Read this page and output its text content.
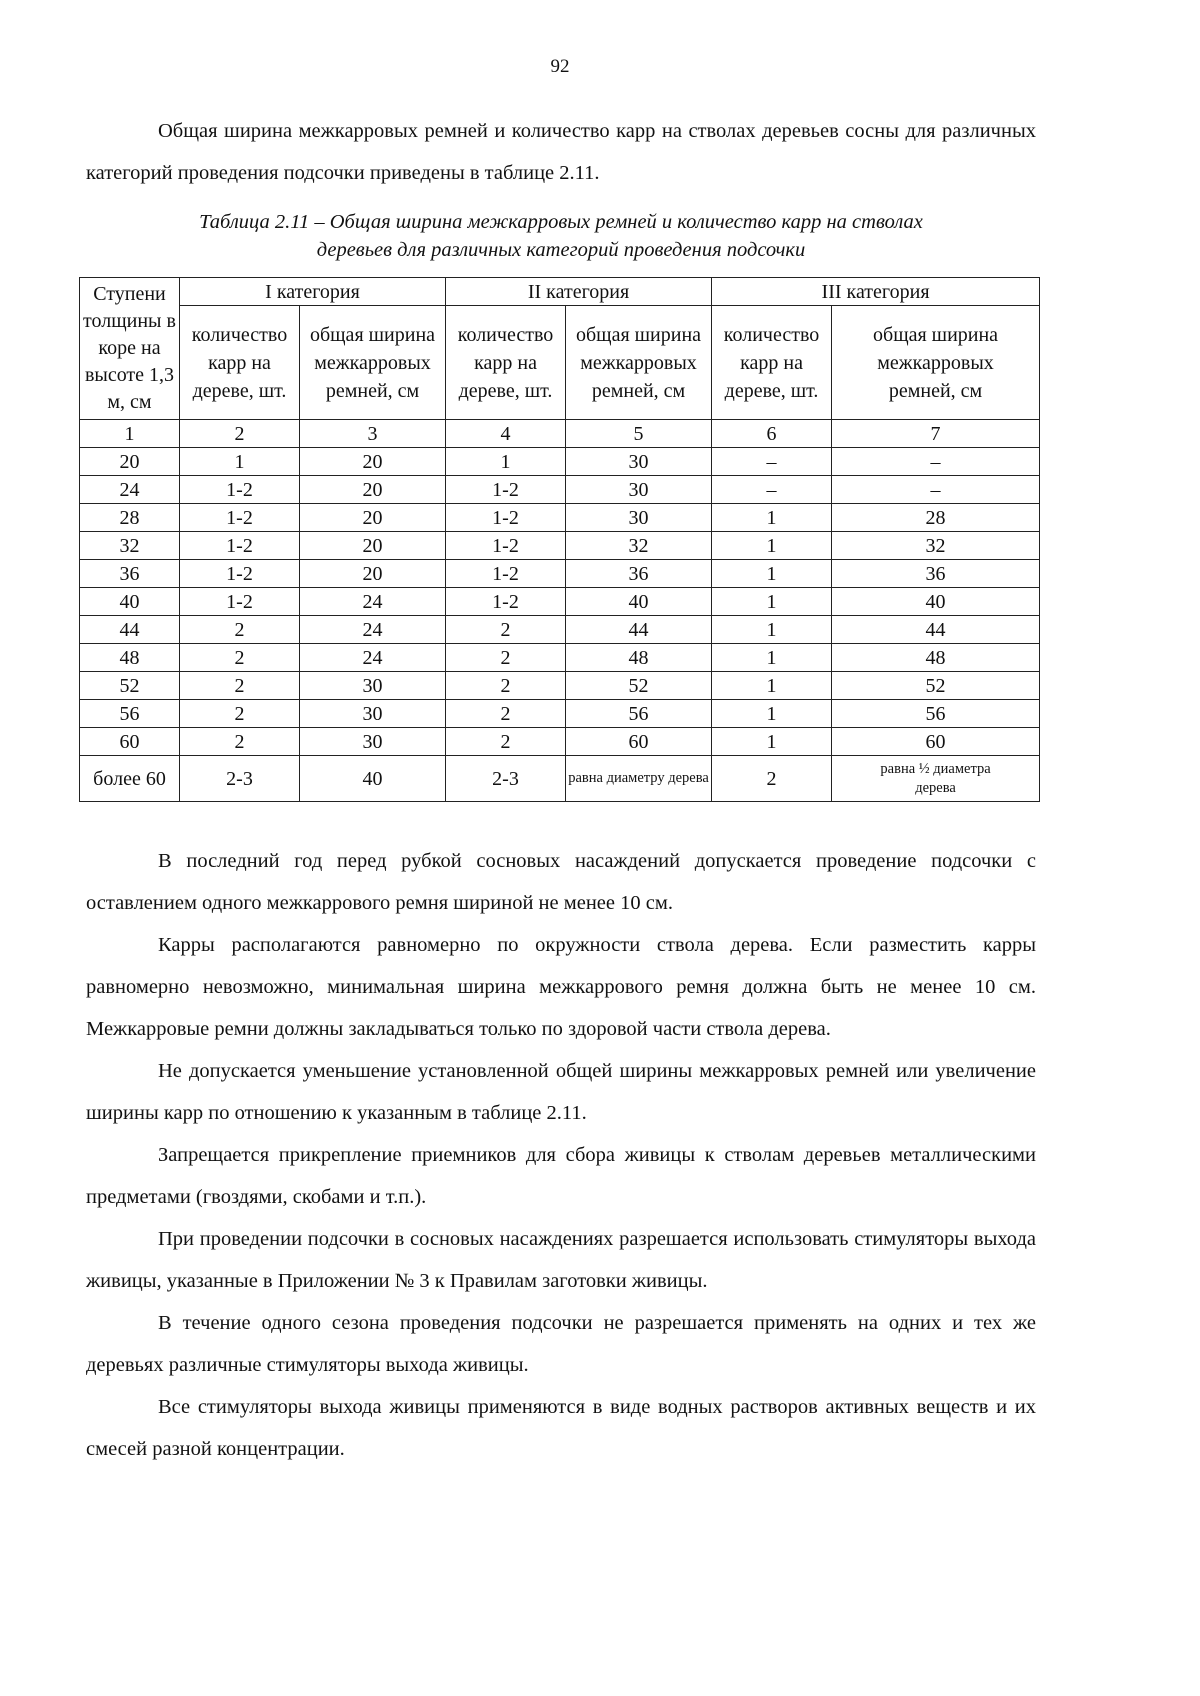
92

Общая ширина межкарровых ремней и количество карр на стволах деревьев сосны для различных категорий проведения подсочки приведены в таблице 2.11.

Таблица 2.11 – Общая ширина межкарровых ремней и количество карр на стволах
деревьев для различных категорий проведения подсочки
Ступени толщины в коре на высоте 1,3 м, см	I категория		II категория		III категория	
	количество карр на дереве, шт.	общая ширина межкарровых ремней, см	количество карр на дереве, шт.	общая ширина межкарровых ремней, см	количество карр на дереве, шт.	общая ширина межкарровых ремней, см
1	2	3	4	5	6	7
20	1	20	1	30	–	–
24	1-2	20	1-2	30	–	–
28	1-2	20	1-2	30	1	28
32	1-2	20	1-2	32	1	32
36	1-2	20	1-2	36	1	36
40	1-2	24	1-2	40	1	40
44	2	24	2	44	1	44
48	2	24	2	48	1	48
52	2	30	2	52	1	52
56	2	30	2	56	1	56
60	2	30	2	60	1	60
более 60	2-3	40	2-3	равна диаметру дерева	2	равна ½ диаметра дерева

В последний год перед рубкой сосновых насаждений допускается проведение подсочки с оставлением одного межкаррового ремня шириной не менее 10 см.

Карры располагаются равномерно по окружности ствола дерева. Если разместить карры равномерно невозможно, минимальная ширина межкаррового ремня должна быть не менее 10 см. Межкарровые ремни должны закладываться только по здоровой части ствола дерева.

Не допускается уменьшение установленной общей ширины межкарровых ремней или увеличение ширины карр по отношению к указанным в таблице 2.11.

Запрещается прикрепление приемников для сбора живицы к стволам деревьев металлическими предметами (гвоздями, скобами и т.п.).

При проведении подсочки в сосновых насаждениях разрешается использовать стимуляторы выхода живицы, указанные в Приложении № 3 к Правилам заготовки живицы.

В течение одного сезона проведения подсочки не разрешается применять на одних и тех же деревьях различные стимуляторы выхода живицы.

Все стимуляторы выхода живицы применяются в виде водных растворов активных веществ и их смесей разной концентрации.
